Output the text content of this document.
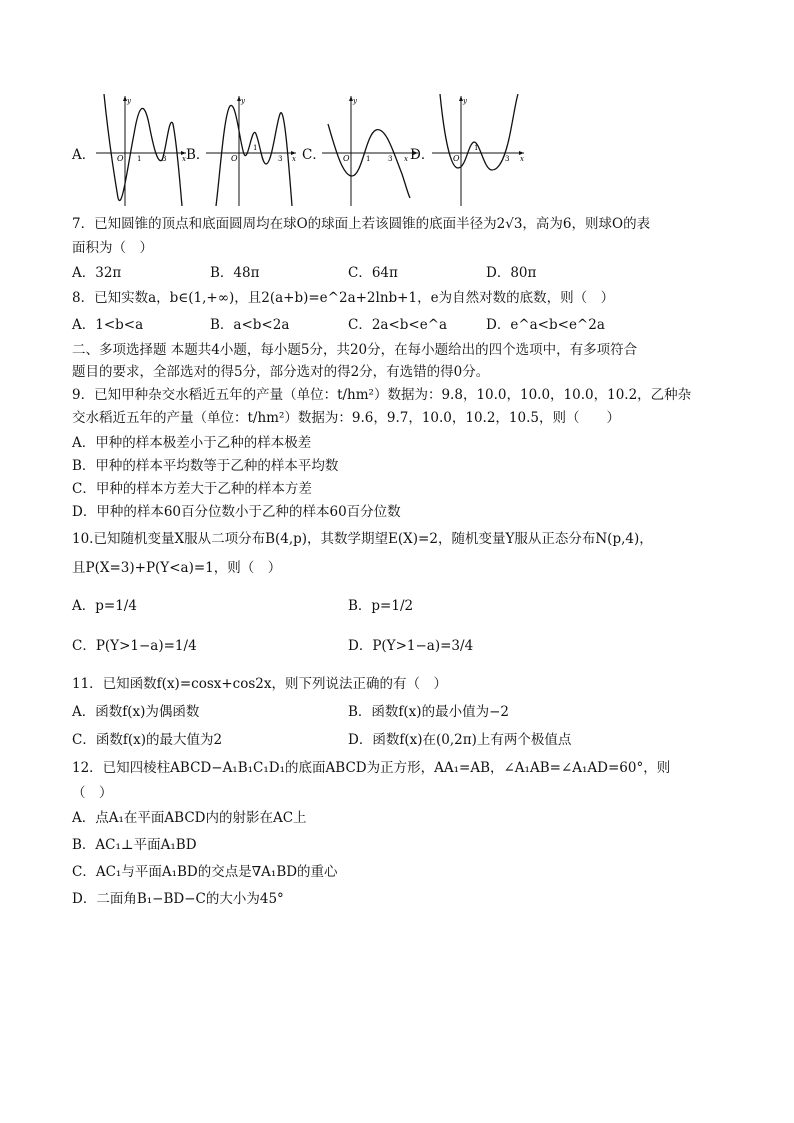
A．
y
x
O 1	3 B．
y
x
O
1
3 C．
y
x
O 1	3 D．
y
x
O
1
3
7．已知圆锥的顶点和底面圆周均在球O的球面上若该圆锥的底面半径为2√3，高为6，则球O的表
面积为（　）
A．32π	B．48π	C．64π	D．80π
8．已知实数a，b∈(1,+∞)，且2(a+b)=e^2a+2lnb+1，e为自然对数的底数，则（　）
A．1<b<a	B．a<b<2a	C．2a<b<e^a	D．e^a<b<e^2a
二、多项选择题 本题共4小题，每小题5分，共20分，在每小题给出的四个选项中，有多项符合
题目的要求，全部选对的得5分，部分选对的得2分，有选错的得0分。
9．已知甲种杂交水稻近五年的产量（单位：t/hm²）数据为：9.8，10.0，10.0，10.0，10.2，乙种杂
交水稻近五年的产量（单位：t/hm²）数据为：9.6，9.7，10.0，10.2，10.5，则（　　）
A．甲种的样本极差小于乙种的样本极差
B．甲种的样本平均数等于乙种的样本平均数
C．甲种的样本方差大于乙种的样本方差
D．甲种的样本60百分位数小于乙种的样本60百分位数
10.已知随机变量X服从二项分布B(4,p)，其数学期望E(X)=2，随机变量Y服从正态分布N(p,4)，
且P(X=3)+P(Y<a)=1，则（　）
A．p=1/4	B．p=1/2
C．P(Y>1−a)=1/4	D．P(Y>1−a)=3/4
11．已知函数f(x)=cosx+cos2x，则下列说法正确的有（　）
A．函数f(x)为偶函数	B．函数f(x)的最小值为−2
C．函数f(x)的最大值为2	D．函数f(x)在(0,2π)上有两个极值点
12．已知四棱柱ABCD−A₁B₁C₁D₁的底面ABCD为正方形，AA₁=AB，∠A₁AB=∠A₁AD=60°，则
（　）
A．点A₁在平面ABCD内的射影在AC上
B．AC₁⊥平面A₁BD
C．AC₁与平面A₁BD的交点是∇A₁BD的重心
D．二面角B₁−BD−C的大小为45°
